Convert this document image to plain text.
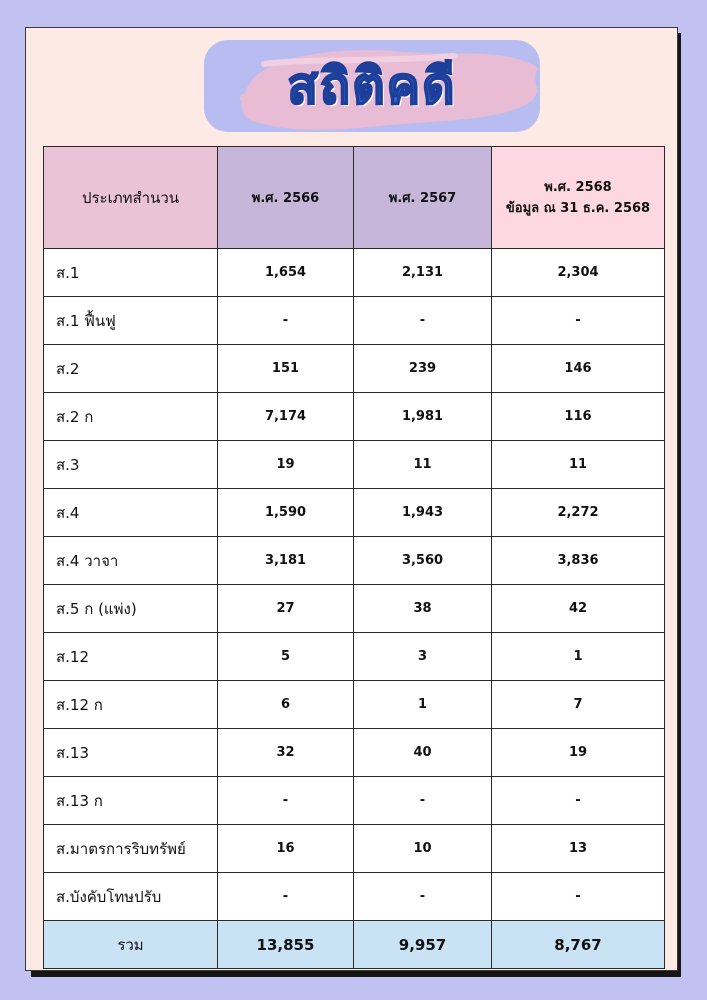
สถิติคดี
ประเภทสำนวน	พ.ศ. 2566	พ.ศ. 2567	พ.ศ. 2568
ข้อมูล ณ 31 ธ.ค. 2568

ส.1	1,654	2,131	2,304
ส.1 ฟื้นฟู	-	-	-
ส.2	151	239	146
ส.2 ก	7,174	1,981	116
ส.3	19	11	11
ส.4	1,590	1,943	2,272
ส.4 วาจา	3,181	3,560	3,836
ส.5 ก (แพ่ง)	27	38	42
ส.12	5	3	1
ส.12 ก	6	1	7
ส.13	32	40	19
ส.13 ก	-	-	-
ส.มาตรการริบทรัพย์	16	10	13
ส.บังคับโทษปรับ	-	-	-
รวม	13,855	9,957	8,767
